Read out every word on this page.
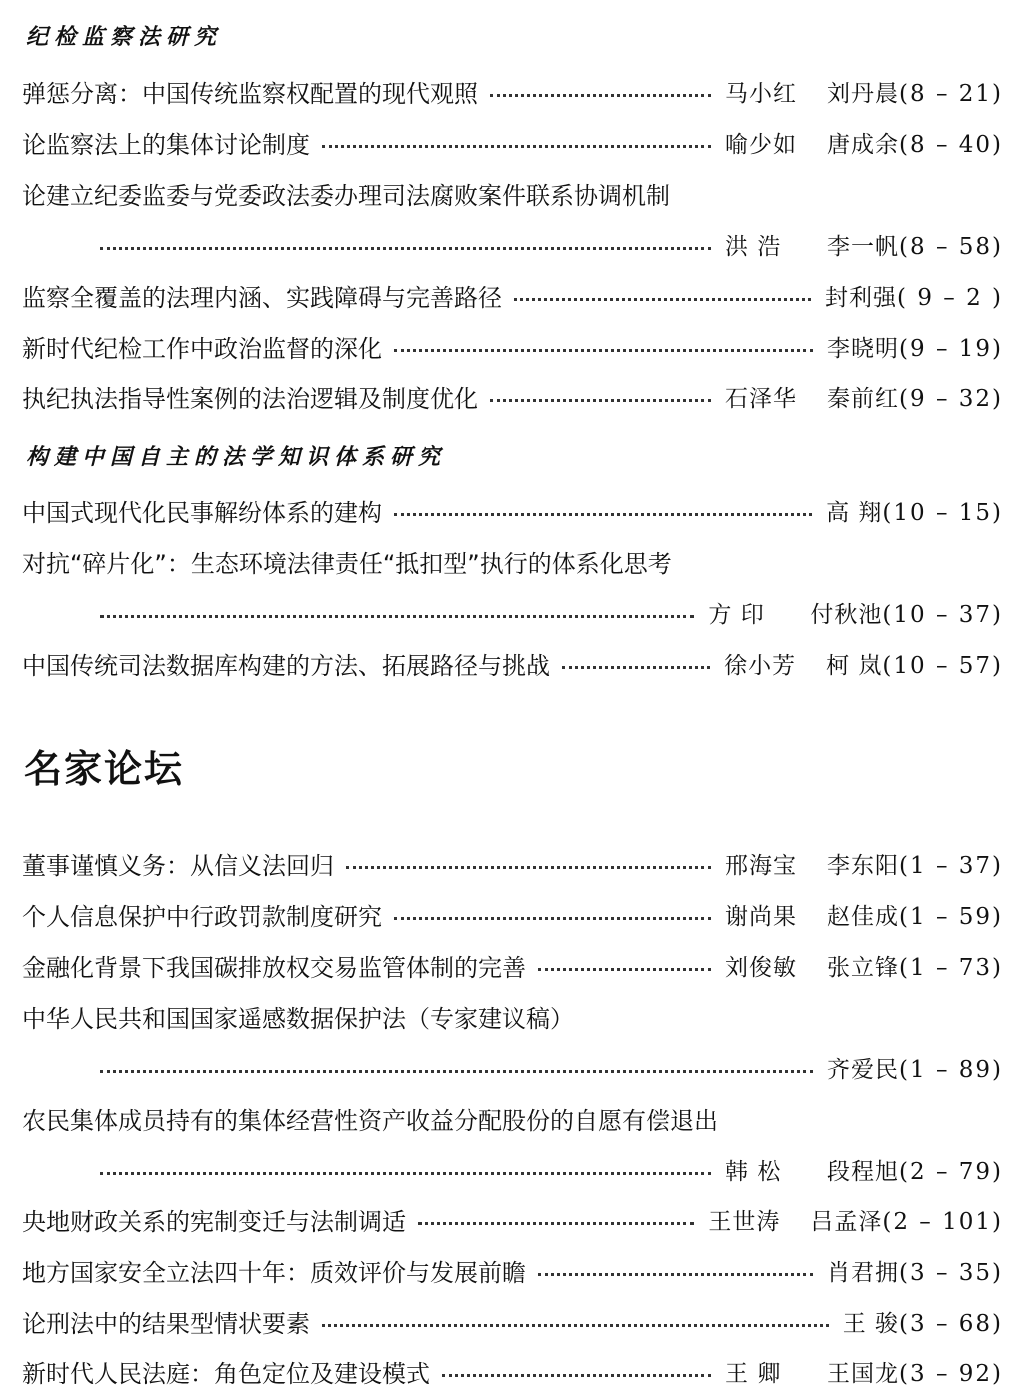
纪检监察法研究
弹惩分离：中国传统监察权配置的现代观照	马小红 刘丹晨(8 – 21)
论监察法上的集体讨论制度	喻少如 唐成余(8 – 40)
论建立纪委监委与党委政法委办理司法腐败案件联系协调机制
洪 浩 李一帆(8 – 58)
监察全覆盖的法理内涵、实践障碍与完善路径	封利强( 9 – 2 )
新时代纪检工作中政治监督的深化	李晓明(9 – 19)
执纪执法指导性案例的法治逻辑及制度优化	石泽华 秦前红(9 – 32)
构建中国自主的法学知识体系研究
中国式现代化民事解纷体系的建构	高 翔(10 – 15)
对抗“碎片化”：生态环境法律责任“抵扣型”执行的体系化思考
方 印 付秋池(10 – 37)
中国传统司法数据库构建的方法、拓展路径与挑战	徐小芳 柯 岚(10 – 57)
名家论坛
董事谨慎义务：从信义法回归	邢海宝 李东阳(1 – 37)
个人信息保护中行政罚款制度研究	谢尚果 赵佳成(1 – 59)
金融化背景下我国碳排放权交易监管体制的完善	刘俊敏 张立锋(1 – 73)
中华人民共和国国家遥感数据保护法（专家建议稿）
齐爱民(1 – 89)
农民集体成员持有的集体经营性资产收益分配股份的自愿有偿退出
韩 松 段程旭(2 – 79)
央地财政关系的宪制变迁与法制调适	王世涛 吕孟泽(2 – 101)
地方国家安全立法四十年：质效评价与发展前瞻	肖君拥(3 – 35)
论刑法中的结果型情状要素	王 骏(3 – 68)
新时代人民法庭：角色定位及建设模式	王 卿 王国龙(3 – 92)
